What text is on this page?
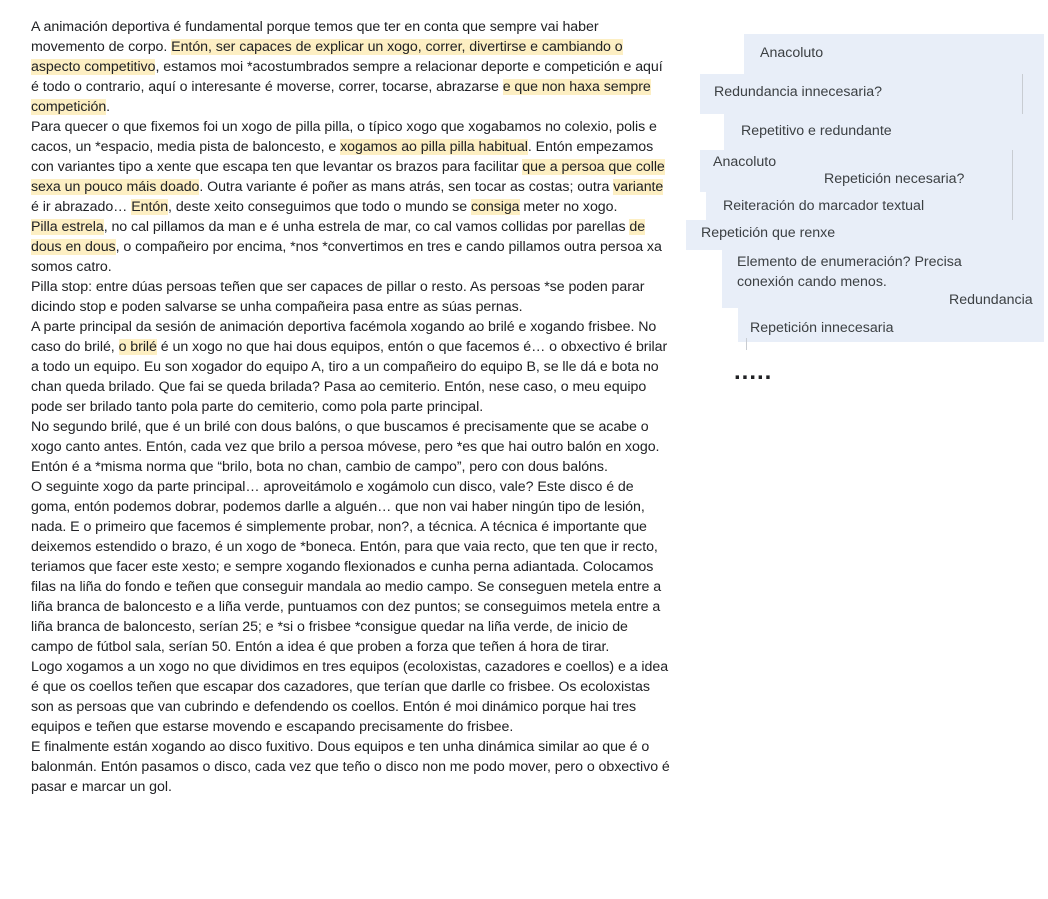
A animación deportiva é fundamental porque temos que ter en conta que sempre vai haber movemento de corpo. Entón, ser capaces de explicar un xogo, correr, divertirse e cambiando o aspecto competitivo, estamos moi *acostumbrados sempre a relacionar deporte e competición e aquí é todo o contrario, aquí o interesante é moverse, correr, tocarse, abrazarse e que non haxa sempre competición.

Para quecer o que fixemos foi un xogo de pilla pilla, o típico xogo que xogabamos no colexio, polis e cacos, un *espacio, media pista de baloncesto, e xogamos ao pilla pilla habitual. Entón empezamos con variantes tipo a xente que escapa ten que levantar os brazos para facilitar que a persoa que colle sexa un pouco máis doado. Outra variante é poñer as mans atrás, sen tocar as costas; outra variante é ir abrazado… Entón, deste xeito conseguimos que todo o mundo se consiga meter no xogo.

Pilla estrela, no cal pillamos da man e é unha estrela de mar, co cal vamos collidas por parellas de dous en dous, o compañeiro por encima, *nos *convertimos en tres e cando pillamos outra persoa xa somos catro.

Pilla stop: entre dúas persoas teñen que ser capaces de pillar o resto. As persoas *se poden parar dicindo stop e poden salvarse se unha compañeira pasa entre as súas pernas.

A parte principal da sesión de animación deportiva facémola xogando ao brilé e xogando frisbee. No caso do brilé, o brilé é un xogo no que hai dous equipos, entón o que facemos é… o obxectivo é brilar a todo un equipo. Eu son xogador do equipo A, tiro a un compañeiro do equipo B, se lle dá e bota no chan queda brilado. Que fai se queda brilada? Pasa ao cemiterio. Entón, nese caso, o meu equipo pode ser brilado tanto pola parte do cemiterio, como pola parte principal.

No segundo brilé, que é un brilé con dous balóns, o que buscamos é precisamente que se acabe o xogo canto antes. Entón, cada vez que brilo a persoa móvese, pero *es que hai outro balón en xogo. Entón é a *misma norma que “brilo, bota no chan, cambio de campo”, pero con dous balóns.

O seguinte xogo da parte principal… aproveitámolo e xogámolo cun disco, vale? Este disco é de goma, entón podemos dobrar, podemos darlle a alguén… que non vai haber ningún tipo de lesión, nada. E o primeiro que facemos é simplemente probar, non?, a técnica. A técnica é importante que deixemos estendido o brazo, é un xogo de *boneca. Entón, para que vaia recto, que ten que ir recto, teriamos que facer este xesto; e sempre xogando flexionados e cunha perna adiantada. Colocamos filas na liña do fondo e teñen que conseguir mandala ao medio campo. Se conseguen metela entre a liña branca de baloncesto e a liña verde, puntuamos con dez puntos; se conseguimos metela entre a liña branca de baloncesto, serían 25; e *si o frisbee *consigue quedar na liña verde, de inicio de campo de fútbol sala, serían 50. Entón a idea é que proben a forza que teñen á hora de tirar.

Logo xogamos a un xogo no que dividimos en tres equipos (ecoloxistas, cazadores e coellos) e a idea é que os coellos teñen que escapar dos cazadores, que terían que darlle co frisbee. Os ecoloxistas son as persoas que van cubrindo e defendendo os coellos. Entón é moi dinámico porque hai tres equipos e teñen que estarse movendo e escapando precisamente do frisbee.

E finalmente están xogando ao disco fuxitivo. Dous equipos e ten unha dinámica similar ao que é o balonmán. Entón pasamos o disco, cada vez que teño o disco non me podo mover, pero o obxectivo é pasar e marcar un gol.

Anacoluto
Redundancia innecesaria?
Repetitivo e redundante
Anacoluto
Repetición necesaria?
Reiteración do marcador textual
Repetición que renxe
Elemento de enumeración? Precisa conexión cando menos.
Redundancia
Repetición innecesaria
.....
